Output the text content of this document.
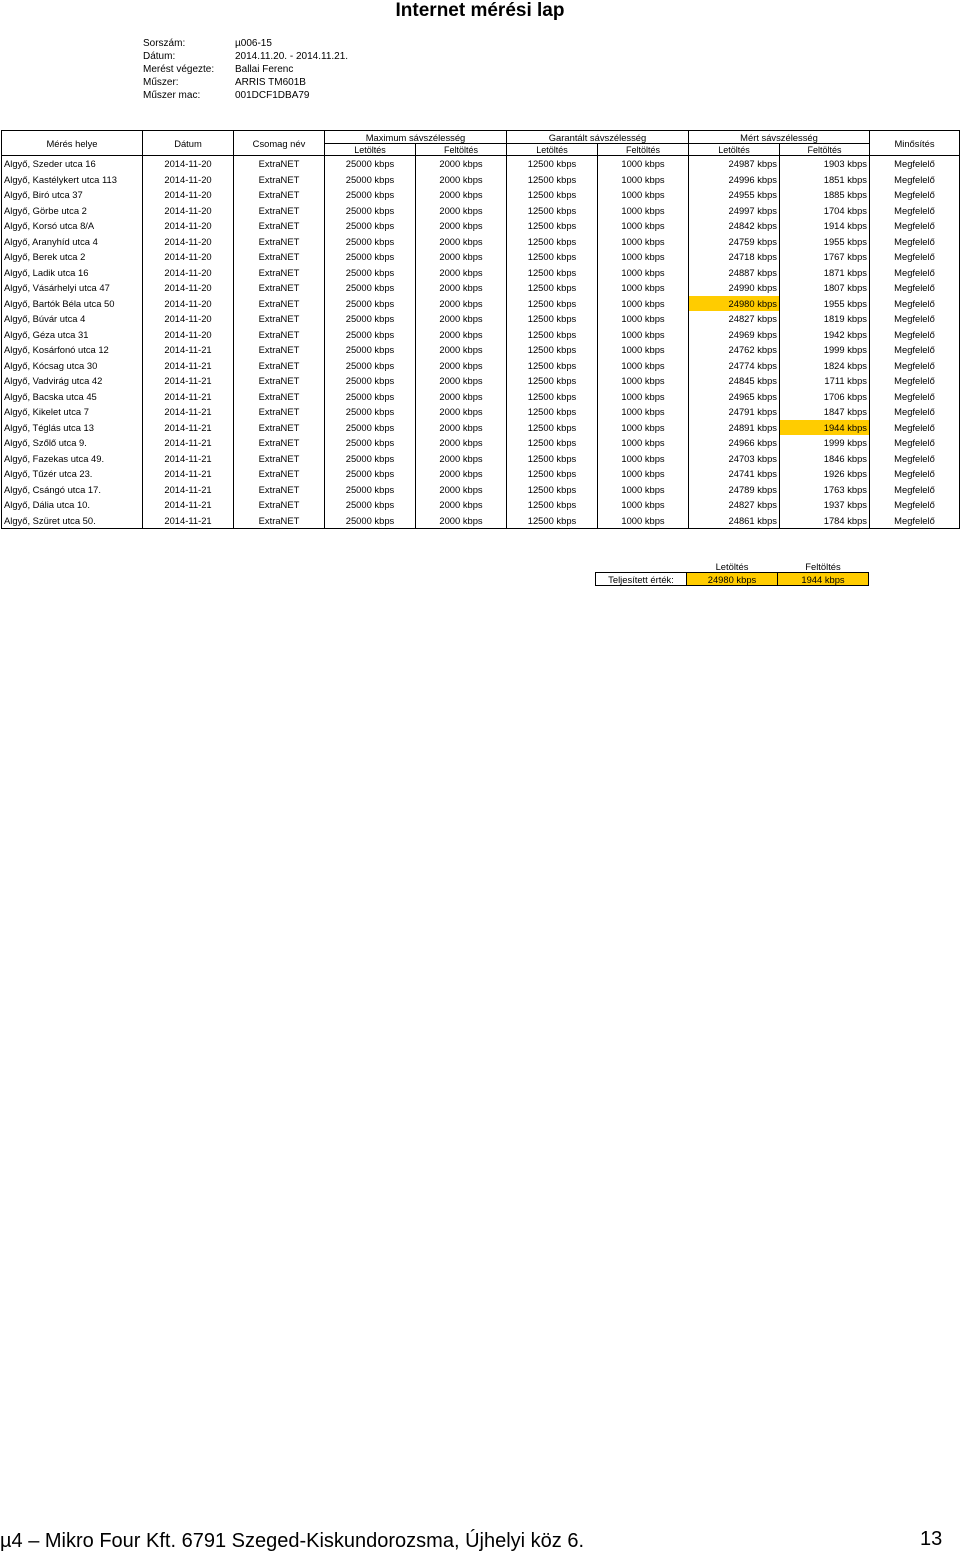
Internet mérési lap
Sorszám:	µ006-15
Dátum:	2014.11.20. - 2014.11.21.
Merést végezte:	Ballai Ferenc
Műszer:	ARRIS TM601B
Műszer mac:	001DCF1DBA79
Mérés helye	Dátum	Csomag név	Maximum sávszélesség		Garantált sávszélesség		Mért sávszélesség		Minősítés
			Letöltés	Feltöltés	Letöltés	Feltöltés	Letöltés	Feltöltés	
Algyő, Szeder utca 16	2014-11-20	ExtraNET	25000 kbps	2000 kbps	12500 kbps	1000 kbps	24987 kbps	1903 kbps	Megfelelő
Algyő, Kastélykert utca 113	2014-11-20	ExtraNET	25000 kbps	2000 kbps	12500 kbps	1000 kbps	24996 kbps	1851 kbps	Megfelelő
Algyő, Biró utca 37	2014-11-20	ExtraNET	25000 kbps	2000 kbps	12500 kbps	1000 kbps	24955 kbps	1885 kbps	Megfelelő
Algyő, Görbe utca 2	2014-11-20	ExtraNET	25000 kbps	2000 kbps	12500 kbps	1000 kbps	24997 kbps	1704 kbps	Megfelelő
Algyő, Korsó utca 8/A	2014-11-20	ExtraNET	25000 kbps	2000 kbps	12500 kbps	1000 kbps	24842 kbps	1914 kbps	Megfelelő
Algyő, Aranyhíd utca 4	2014-11-20	ExtraNET	25000 kbps	2000 kbps	12500 kbps	1000 kbps	24759 kbps	1955 kbps	Megfelelő
Algyő, Berek utca 2	2014-11-20	ExtraNET	25000 kbps	2000 kbps	12500 kbps	1000 kbps	24718 kbps	1767 kbps	Megfelelő
Algyő, Ladik utca 16	2014-11-20	ExtraNET	25000 kbps	2000 kbps	12500 kbps	1000 kbps	24887 kbps	1871 kbps	Megfelelő
Algyő, Vásárhelyi utca 47	2014-11-20	ExtraNET	25000 kbps	2000 kbps	12500 kbps	1000 kbps	24990 kbps	1807 kbps	Megfelelő
Algyő, Bartók Béla utca 50	2014-11-20	ExtraNET	25000 kbps	2000 kbps	12500 kbps	1000 kbps	24980 kbps	1955 kbps	Megfelelő
Algyő, Búvár utca 4	2014-11-20	ExtraNET	25000 kbps	2000 kbps	12500 kbps	1000 kbps	24827 kbps	1819 kbps	Megfelelő
Algyő, Géza utca 31	2014-11-20	ExtraNET	25000 kbps	2000 kbps	12500 kbps	1000 kbps	24969 kbps	1942 kbps	Megfelelő
Algyő, Kosárfonó utca 12	2014-11-21	ExtraNET	25000 kbps	2000 kbps	12500 kbps	1000 kbps	24762 kbps	1999 kbps	Megfelelő
Algyő, Kócsag utca 30	2014-11-21	ExtraNET	25000 kbps	2000 kbps	12500 kbps	1000 kbps	24774 kbps	1824 kbps	Megfelelő
Algyő, Vadvirág utca 42	2014-11-21	ExtraNET	25000 kbps	2000 kbps	12500 kbps	1000 kbps	24845 kbps	1711 kbps	Megfelelő
Algyő, Bacska utca 45	2014-11-21	ExtraNET	25000 kbps	2000 kbps	12500 kbps	1000 kbps	24965 kbps	1706 kbps	Megfelelő
Algyő, Kikelet utca 7	2014-11-21	ExtraNET	25000 kbps	2000 kbps	12500 kbps	1000 kbps	24791 kbps	1847 kbps	Megfelelő
Algyő, Téglás utca 13	2014-11-21	ExtraNET	25000 kbps	2000 kbps	12500 kbps	1000 kbps	24891 kbps	1944 kbps	Megfelelő
Algyő, Szőlő utca 9.	2014-11-21	ExtraNET	25000 kbps	2000 kbps	12500 kbps	1000 kbps	24966 kbps	1999 kbps	Megfelelő
Algyő, Fazekas utca 49.	2014-11-21	ExtraNET	25000 kbps	2000 kbps	12500 kbps	1000 kbps	24703 kbps	1846 kbps	Megfelelő
Algyő, Tűzér utca 23.	2014-11-21	ExtraNET	25000 kbps	2000 kbps	12500 kbps	1000 kbps	24741 kbps	1926 kbps	Megfelelő
Algyő, Csángó utca 17.	2014-11-21	ExtraNET	25000 kbps	2000 kbps	12500 kbps	1000 kbps	24789 kbps	1763 kbps	Megfelelő
Algyő, Dália utca 10.	2014-11-21	ExtraNET	25000 kbps	2000 kbps	12500 kbps	1000 kbps	24827 kbps	1937 kbps	Megfelelő
Algyő, Szüret utca 50.	2014-11-21	ExtraNET	25000 kbps	2000 kbps	12500 kbps	1000 kbps	24861 kbps	1784 kbps	Megfelelő
	Letöltés	Feltöltés
Teljesített érték:	24980 kbps	1944 kbps
µ4 – Mikro Four Kft. 6791 Szeged-Kiskundorozsma, Újhelyi köz 6.	13
